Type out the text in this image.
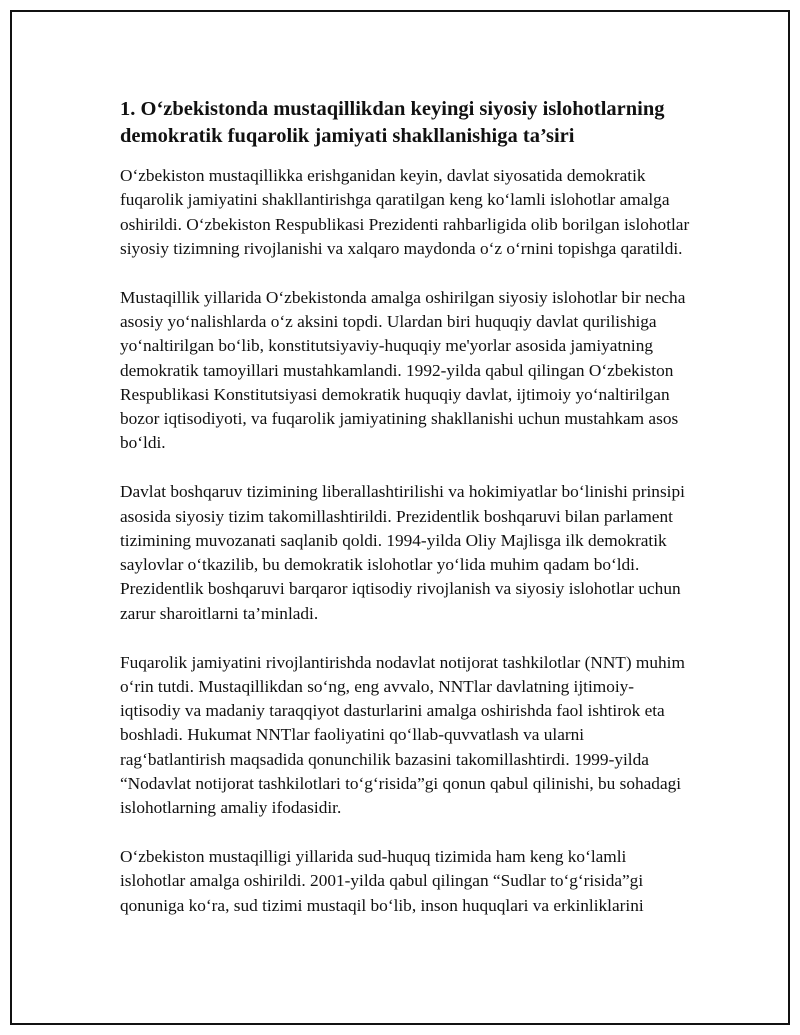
1. O‘zbekistonda mustaqillikdan keyingi siyosiy islohotlarning demokratik fuqarolik jamiyati shakllanishiga ta’siri

O‘zbekiston mustaqillikka erishganidan keyin, davlat siyosatida demokratik fuqarolik jamiyatini shakllantirishga qaratilgan keng ko‘lamli islohotlar amalga oshirildi. O‘zbekiston Respublikasi Prezidenti rahbarligida olib borilgan islohotlar siyosiy tizimning rivojlanishi va xalqaro maydonda o‘z o‘rnini topishga qaratildi.

Mustaqillik yillarida O‘zbekistonda amalga oshirilgan siyosiy islohotlar bir necha asosiy yo‘nalishlarda o‘z aksini topdi. Ulardan biri huquqiy davlat qurilishiga yo‘naltirilgan bo‘lib, konstitutsiyaviy-huquqiy me'yorlar asosida jamiyatning demokratik tamoyillari mustahkamlandi. 1992-yilda qabul qilingan O‘zbekiston Respublikasi Konstitutsiyasi demokratik huquqiy davlat, ijtimoiy yo‘naltirilgan bozor iqtisodiyoti, va fuqarolik jamiyatining shakllanishi uchun mustahkam asos bo‘ldi.

Davlat boshqaruv tizimining liberallashtirilishi va hokimiyatlar bo‘linishi prinsipi asosida siyosiy tizim takomillashtirildi. Prezidentlik boshqaruvi bilan parlament tizimining muvozanati saqlanib qoldi. 1994-yilda Oliy Majlisga ilk demokratik saylovlar o‘tkazilib, bu demokratik islohotlar yo‘lida muhim qadam bo‘ldi. Prezidentlik boshqaruvi barqaror iqtisodiy rivojlanish va siyosiy islohotlar uchun zarur sharoitlarni ta’minladi.

Fuqarolik jamiyatini rivojlantirishda nodavlat notijorat tashkilotlar (NNT) muhim o‘rin tutdi. Mustaqillikdan so‘ng, eng avvalo, NNTlar davlatning ijtimoiy-iqtisodiy va madaniy taraqqiyot dasturlarini amalga oshirishda faol ishtirok eta boshladi. Hukumat NNTlar faoliyatini qo‘llab-quvvatlash va ularni rag‘batlantirish maqsadida qonunchilik bazasini takomillashtirdi. 1999-yilda “Nodavlat notijorat tashkilotlari to‘g‘risida”gi qonun qabul qilinishi, bu sohadagi islohotlarning amaliy ifodasidir.

O‘zbekiston mustaqilligi yillarida sud-huquq tizimida ham keng ko‘lamli islohotlar amalga oshirildi. 2001-yilda qabul qilingan “Sudlar to‘g‘risida”gi qonuniga ko‘ra, sud tizimi mustaqil bo‘lib, inson huquqlari va erkinliklarini
